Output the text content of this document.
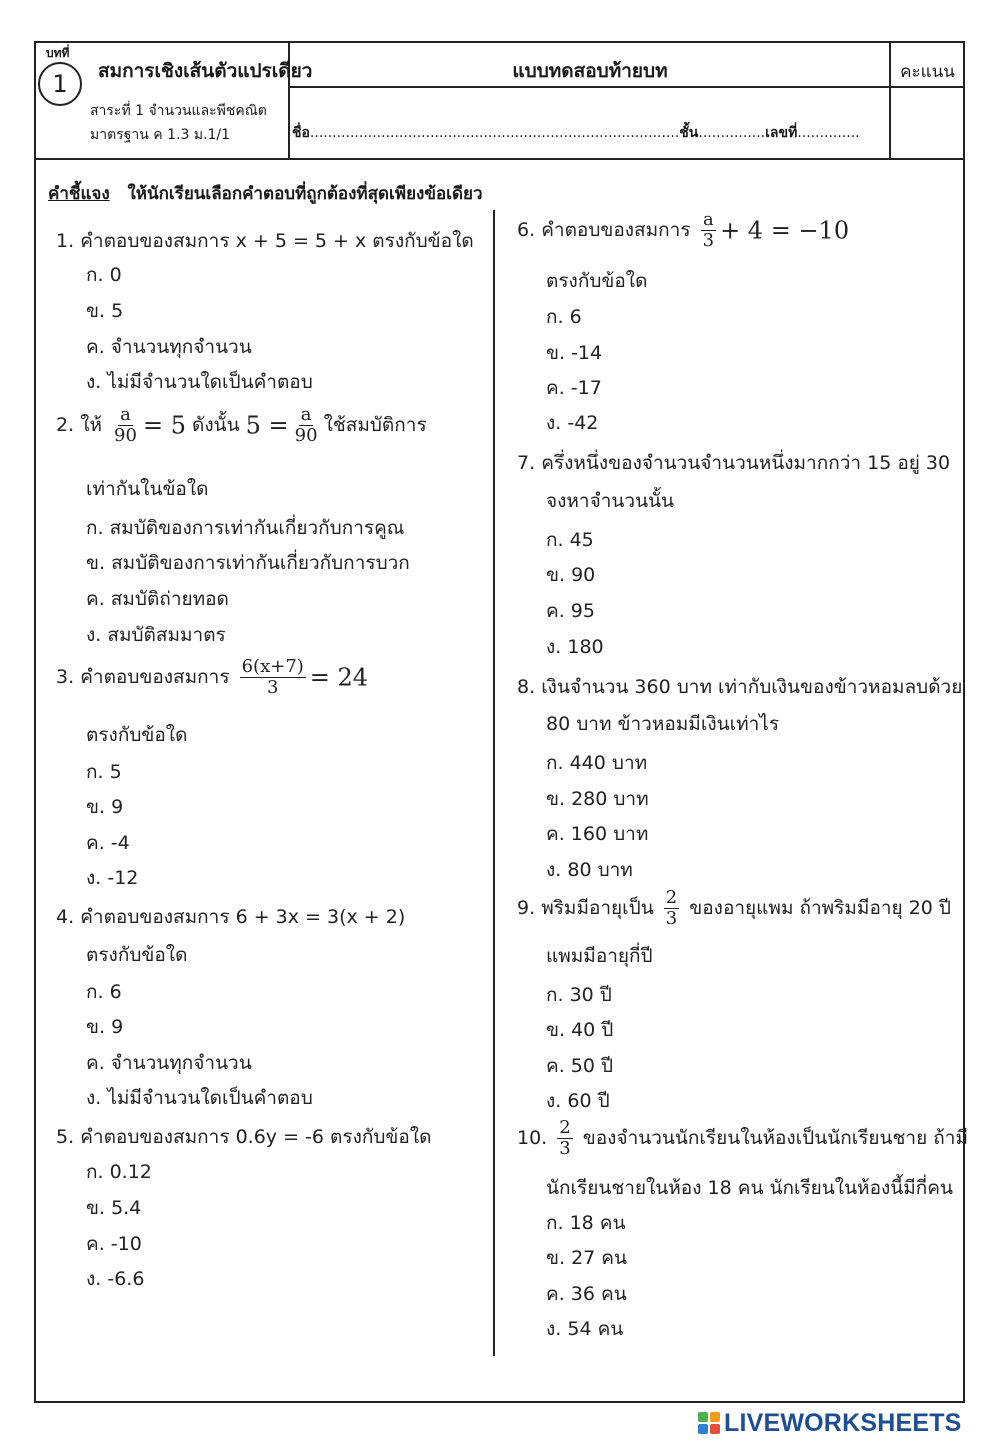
บทที่
1	สมการเชิงเส้นตัวแปรเดียว
สาระที่ 1 จำนวนและพีชคณิต
มาตรฐาน ค 1.3 ม.1/1
แบบทดสอบท้ายบท	คะแนน
ชื่อ...................................................................................ชั้น...............เลขที่..............
คำชี้แจง ให้นักเรียนเลือกคำตอบที่ถูกต้องที่สุดเพียงข้อเดียว
1. คำตอบของสมการ x + 5 = 5 + x ตรงกับข้อใด
ก. 0
ข. 5
ค. จำนวนทุกจำนวน
ง. ไม่มีจำนวนใดเป็นคำตอบ
2. ให้ $\frac{a}{90} = 5$ ดังนั้น $5 = \frac{a}{90}$ ใช้สมบัติการ
เท่ากันในข้อใด
ก. สมบัติของการเท่ากันเกี่ยวกับการคูณ
ข. สมบัติของการเท่ากันเกี่ยวกับการบวก
ค. สมบัติถ่ายทอด
ง. สมบัติสมมาตร
3. คำตอบของสมการ $\frac{6(x+7)}{3} = 24$
ตรงกับข้อใด
ก. 5
ข. 9
ค. -4
ง. -12
4. คำตอบของสมการ 6 + 3x = 3(x + 2)
ตรงกับข้อใด
ก. 6
ข. 9
ค. จำนวนทุกจำนวน
ง. ไม่มีจำนวนใดเป็นคำตอบ
5. คำตอบของสมการ 0.6y = -6 ตรงกับข้อใด
ก. 0.12
ข. 5.4
ค. -10
ง. -6.6
6. คำตอบของสมการ $\frac{a}{3} + 4 = -10$
ตรงกับข้อใด
ก. 6
ข. -14
ค. -17
ง. -42
7. ครึ่งหนึ่งของจำนวนจำนวนหนึ่งมากกว่า 15 อยู่ 30
จงหาจำนวนนั้น
ก. 45
ข. 90
ค. 95
ง. 180
8. เงินจำนวน 360 บาท เท่ากับเงินของข้าวหอมลบด้วย
80 บาท ข้าวหอมมีเงินเท่าไร
ก. 440 บาท
ข. 280 บาท
ค. 160 บาท
ง. 80 บาท
9. พริมมีอายุเป็น $\frac{2}{3}$ ของอายุแพม ถ้าพริมมีอายุ 20 ปี
แพมมีอายุกี่ปี
ก. 30 ปี
ข. 40 ปี
ค. 50 ปี
ง. 60 ปี
10. $\frac{2}{3}$ ของจำนวนนักเรียนในห้องเป็นนักเรียนชาย ถ้ามี
นักเรียนชายในห้อง 18 คน นักเรียนในห้องนี้มีกี่คน
ก. 18 คน
ข. 27 คน
ค. 36 คน
ง. 54 คน
LIVEWORKSHEETS
